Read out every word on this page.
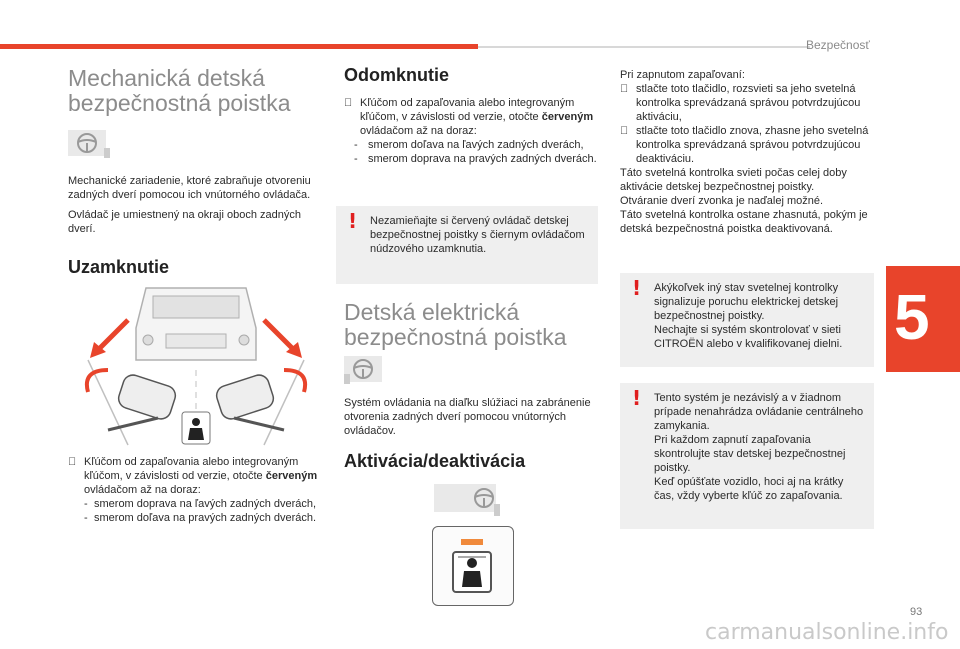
Bezpečnosť
5
Mechanická detská bezpečnostná poistka

Mechanické zariadenie, ktoré zabraňuje otvoreniu zadných dverí pomocou ich vnútorného ovládača.

Ovládač je umiestnený na okraji oboch zadných dverí.

Uzamknutie
Kľúčom od zapaľovania alebo integrovaným kľúčom, v závislosti od verzie, otočte červeným ovládačom až na doraz:
- smerom doprava na ľavých zadných dverách,
- smerom doľava na pravých zadných dverách.
Odomknutie
Kľúčom od zapaľovania alebo integrovaným kľúčom, v závislosti od verzie, otočte červeným ovládačom až na doraz:
- smerom doľava na ľavých zadných dverách,
- smerom doprava na pravých zadných dverách.
! Nezamieňajte si červený ovládač detskej bezpečnostnej poistky s čiernym ovládačom núdzového uzamknutia.
Detská elektrická bezpečnostná poistka

Systém ovládania na diaľku slúžiaci na zabránenie otvorenia zadných dverí pomocou vnútorných ovládačov.

Aktivácia/deaktivácia

Pri zapnutom zapaľovaní:

stlačte toto tlačidlo, rozsvieti sa jeho svetelná kontrolka sprevádzaná správou potvrdzujúcou aktiváciu,
stlačte toto tlačidlo znova, zhasne jeho svetelná kontrolka sprevádzaná správou potvrdzujúcou deaktiváciu.

Táto svetelná kontrolka svieti počas celej doby aktivácie detskej bezpečnostnej poistky.

Otváranie dverí zvonka je naďalej možné.

Táto svetelná kontrolka ostane zhasnutá, pokým je detská bezpečnostná poistka deaktivovaná.

! Akýkoľvek iný stav svetelnej kontrolky signalizuje poruchu elektrickej detskej bezpečnostnej poistky.

Nechajte si systém skontrolovať v sieti CITROËN alebo v kvalifikovanej dielni.

! Tento systém je nezávislý a v žiadnom prípade nenahrádza ovládanie centrálneho zamykania.

Pri každom zapnutí zapaľovania skontrolujte stav detskej bezpečnostnej poistky.

Keď opúšťate vozidlo, hoci aj na krátky čas, vždy vyberte kľúč zo zapaľovania.

93
carmanualsonline.info
